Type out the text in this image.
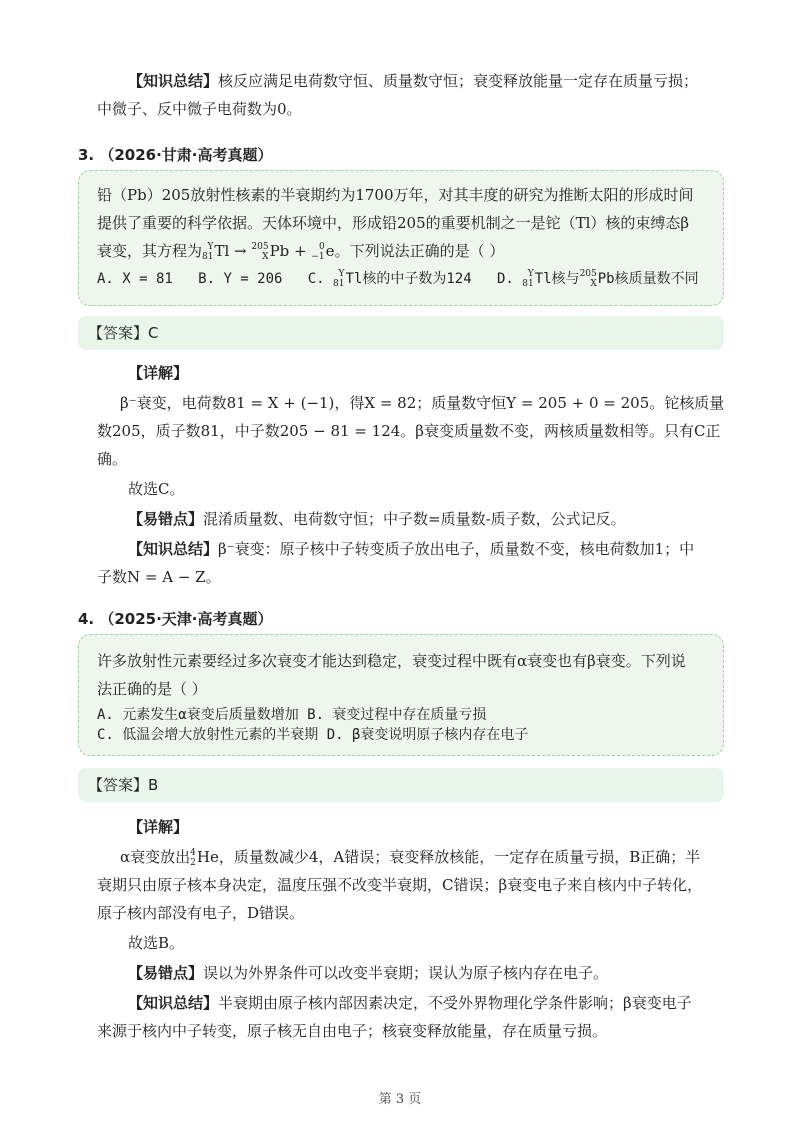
【知识总结】核反应满足电荷数守恒、质量数守恒；衰变释放能量一定存在质量亏损；
中微子、反中微子电荷数为0。
3. （2026·甘肃·高考真题）
铅（Pb）205放射性核素的半衰期约为1700万年，对其丰度的研究为推断太阳的形成时间
提供了重要的科学依据。天体环境中，形成铅205的重要机制之一是铊（Tl）核的束缚态β
衰变，其方程为 Y
81 Tl → 205
X Pb + 0
−1 e。下列说法正确的是（ ）
A. X = 81 B. Y = 206 C. Y
81 Tl核的中子数为124 D. Y
81 Tl核与 205
X Pb核质量数不同
【答案】C
【详解】
β⁻衰变，电荷数81 = X + (−1)，得X = 82；质量数守恒Y = 205 + 0 = 205。铊核质量
数205，质子数81，中子数205 − 81 = 124。β衰变质量数不变，两核质量数相等。只有C正
确。
故选C。
【易错点】混淆质量数、电荷数守恒；中子数=质量数-质子数，公式记反。
【知识总结】β⁻衰变：原子核中子转变质子放出电子，质量数不变，核电荷数加1；中
子数N = A − Z。
4. （2025·天津·高考真题）
许多放射性元素要经过多次衰变才能达到稳定，衰变过程中既有α衰变也有β衰变。下列说
法正确的是（ ）
A. 元素发生α衰变后质量数增加 B. 衰变过程中存在质量亏损
C. 低温会增大放射性元素的半衰期 D. β衰变说明原子核内存在电子
【答案】B
【详解】
α衰变放出 4
2 He，质量数减少4，A错误；衰变释放核能，一定存在质量亏损，B正确；半
衰期只由原子核本身决定，温度压强不改变半衰期，C错误；β衰变电子来自核内中子转化，
原子核内部没有电子，D错误。
故选B。
【易错点】误以为外界条件可以改变半衰期；误认为原子核内存在电子。
【知识总结】半衰期由原子核内部因素决定，不受外界物理化学条件影响；β衰变电子
来源于核内中子转变，原子核无自由电子；核衰变释放能量，存在质量亏损。
第 3 页
